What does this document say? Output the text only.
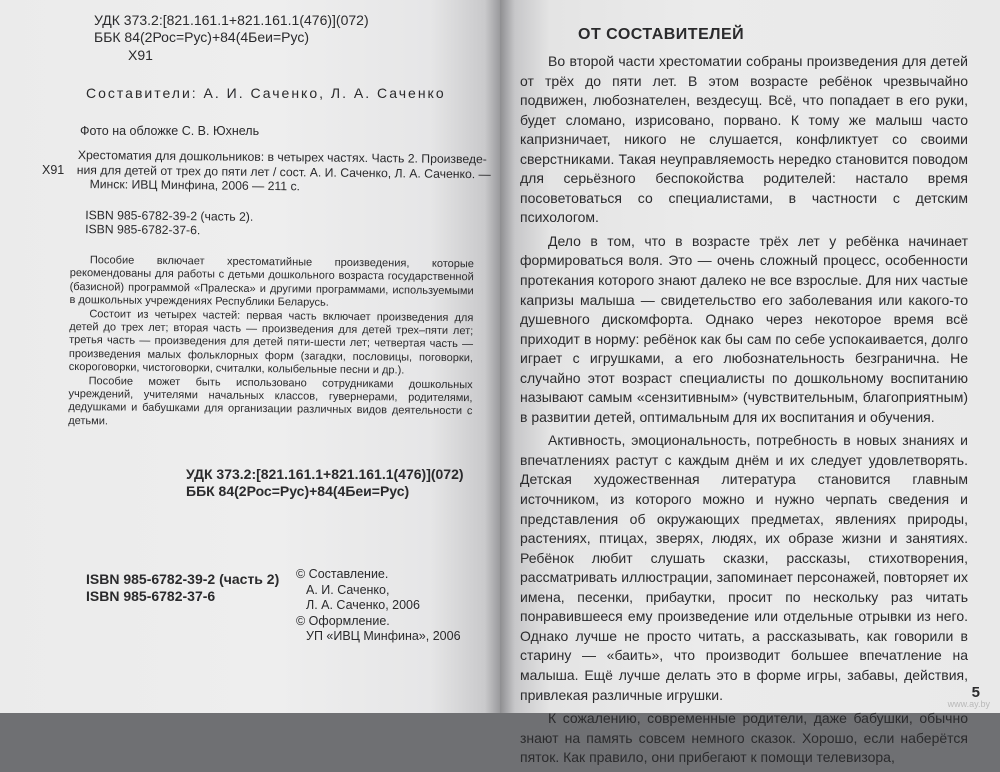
УДК 373.2:[821.161.1+821.161.1(476)](072)
ББК 84(2Рос=Рус)+84(4Беи=Рус)
Х91
Составители: А. И. Саченко, Л. А. Саченко
Фото на обложке С. В. Юхнель
Х91

Хрестоматия для дошкольников: в четырех частях. Часть 2. Произведе-

ния для детей от трех до пяти лет / сост. А. И. Саченко, Л. А. Саченко. —

Минск: ИВЦ Минфина, 2006 — 211 с.

ISBN 985-6782-39-2 (часть 2).

ISBN 985-6782-37-6.

Пособие включает хрестоматийные произведения, которые рекомендованы для работы с детьми дошкольного возраста государственной (базисной) программой «Пралеска» и другими программами, используемыми в дошкольных учреждениях Республики Беларусь.

Состоит из четырех частей: первая часть включает произведения для детей до трех лет; вторая часть — произведения для детей трех–пяти лет; третья часть — произведения для детей пяти-шести лет; четвертая часть — произведения малых фольклорных форм (загадки, пословицы, поговорки, скороговорки, чистоговорки, считалки, колыбельные песни и др.).

Пособие может быть использовано сотрудниками дошкольных учреждений, учителями начальных классов, гувернерами, родителями, дедушками и бабушками для организации различных видов деятельности с детьми.

УДК 373.2:[821.161.1+821.161.1(476)](072)
ББК 84(2Рос=Рус)+84(4Беи=Рус)
ISBN 985-6782-39-2 (часть 2)
ISBN 985-6782-37-6
© Составление.
А. И. Саченко,
Л. А. Саченко, 2006
© Оформление.
УП «ИВЦ Минфина», 2006
ОТ СОСТАВИТЕЛЕЙ

Во второй части хрестоматии собраны произведения для детей от трёх до пяти лет. В этом возрасте ребёнок чрезвычайно подвижен, любознателен, вездесущ. Всё, что попадает в его руки, будет сломано, изрисовано, порвано. К тому же малыш часто капризничает, никого не слушается, конфликтует со своими сверстниками. Такая неуправляемость нередко становится поводом для серьёзного беспокойства родителей: настало время посоветоваться со специалистами, в частности с детским психологом.

Дело в том, что в возрасте трёх лет у ребёнка начинает формироваться воля. Это — очень сложный процесс, особенности протекания которого знают далеко не все взрослые. Для них частые капризы малыша — свидетельство его заболевания или какого-то душевного дискомфорта. Однако через некоторое время всё приходит в норму: ребёнок как бы сам по себе успокаивается, долго играет с игрушками, а его любознательность безгранична. Не случайно этот возраст специалисты по дошкольному воспитанию называют самым «сензитивным» (чувствительным, благоприятным) в развитии детей, оптимальным для их воспитания и обучения.

Активность, эмоциональность, потребность в новых знаниях и впечатлениях растут с каждым днём и их следует удовлетворять. Детская художественная литература становится главным источником, из которого можно и нужно черпать сведения и представления об окружающих предметах, явлениях природы, растениях, птицах, зверях, людях, их образе жизни и занятиях. Ребёнок любит слушать сказки, рассказы, стихотворения, рассматривать иллюстрации, запоминает персонажей, повторяет их имена, песенки, прибаутки, просит по нескольку раз читать понравившееся ему произведение или отдельные отрывки из него. Однако лучше не просто читать, а рассказывать, как говорили в старину — «баить», что производит большее впечатление на малыша. Ещё лучше делать это в форме игры, забавы, действия, привлекая различные игрушки.

К сожалению, современные родители, даже бабушки, обычно знают на память совсем немного сказок. Хорошо, если наберётся пяток. Как правило, они прибегают к помощи телевизора,

5
www.ay.by
